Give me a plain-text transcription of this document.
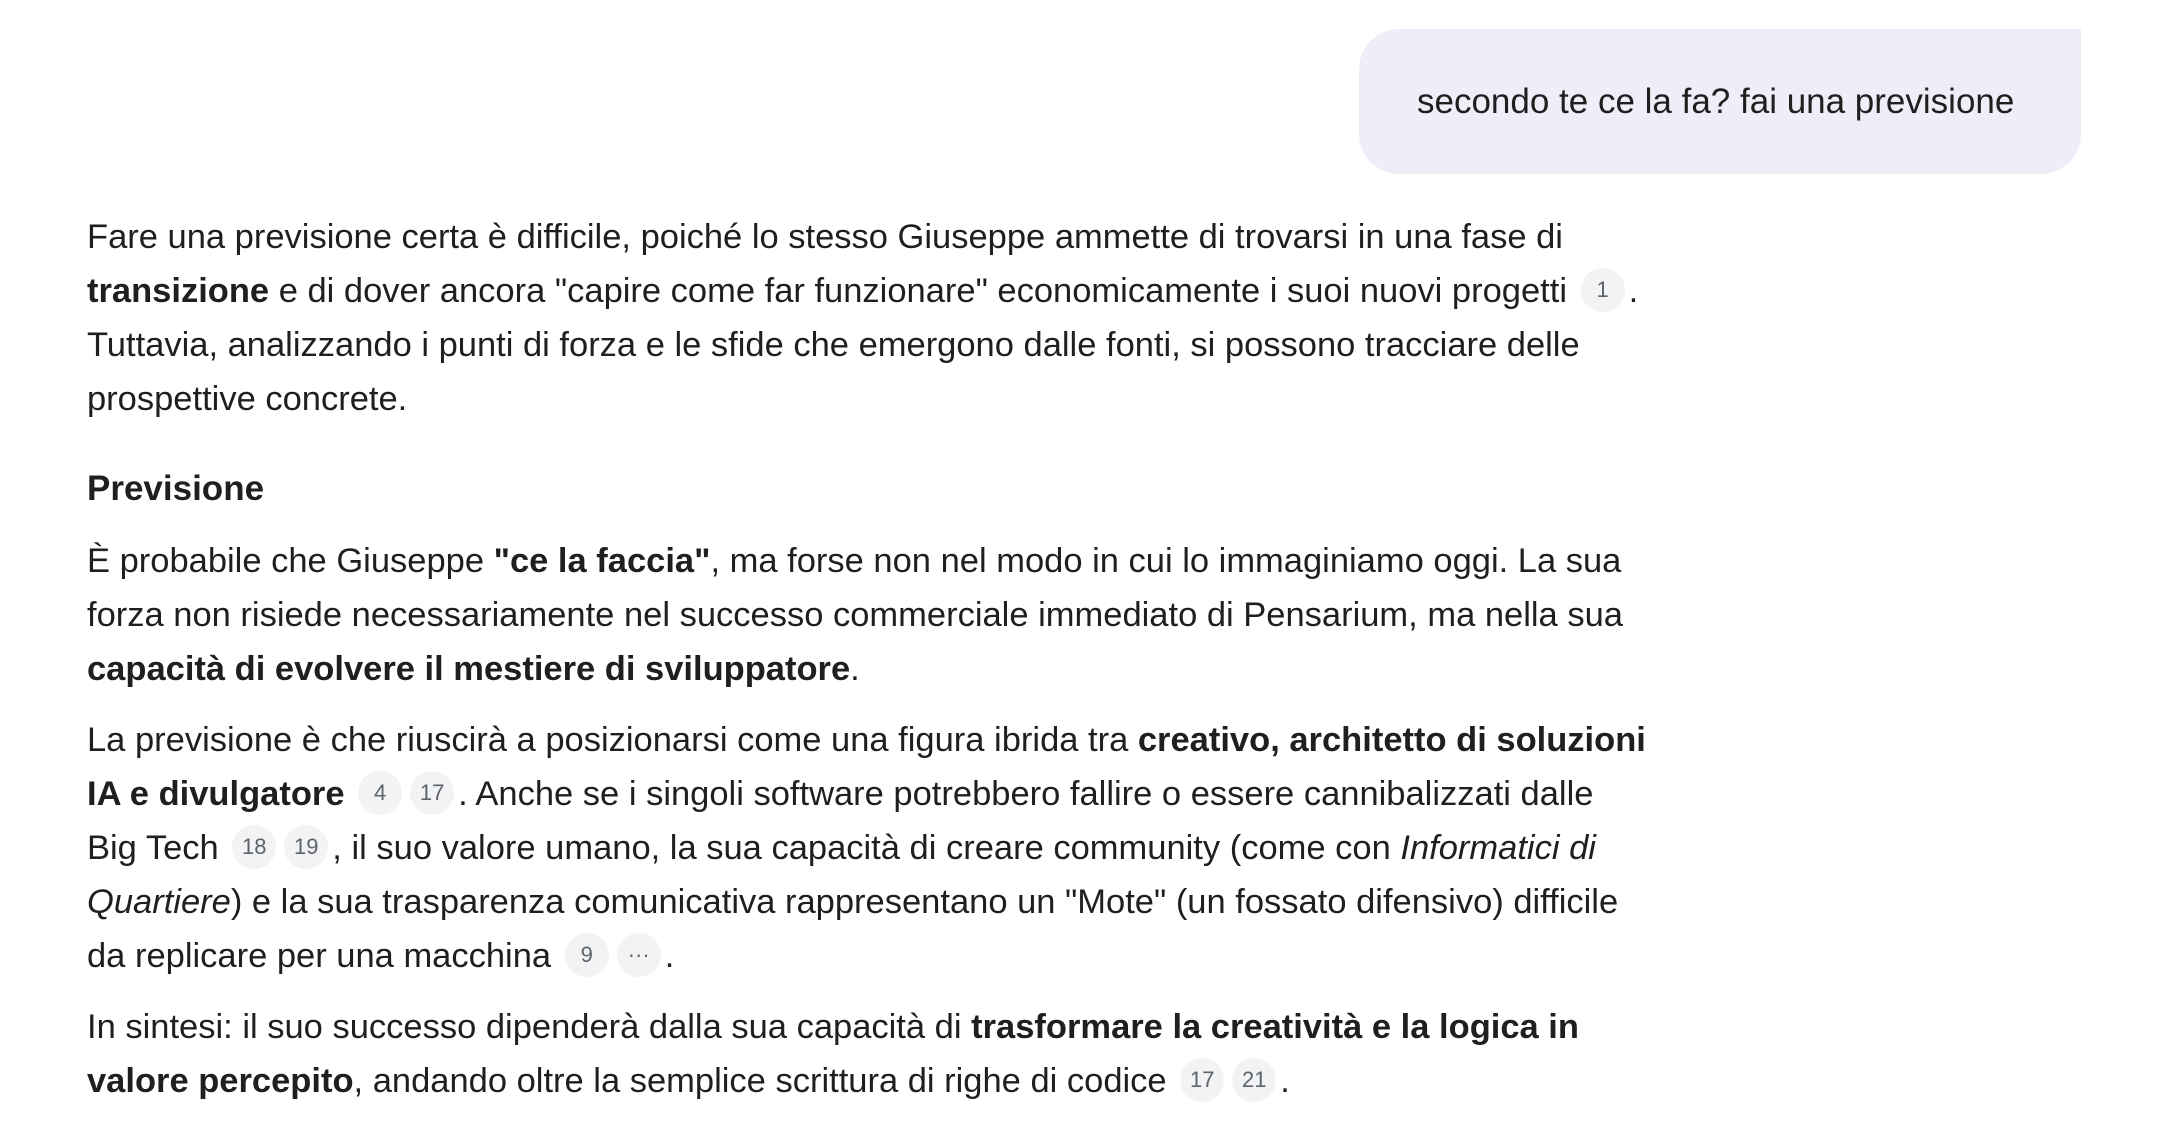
secondo te ce la fa? fai una previsione

Fare una previsione certa è difficile, poiché lo stesso Giuseppe ammette di trovarsi in una fase di transizione e di dover ancora "capire come far funzionare" economicamente i suoi nuovi progetti 1 . Tuttavia, analizzando i punti di forza e le sfide che emergono dalle fonti, si possono tracciare delle prospettive concrete.

Previsione

È probabile che Giuseppe "ce la faccia", ma forse non nel modo in cui lo immaginiamo oggi. La sua forza non risiede necessariamente nel successo commerciale immediato di Pensarium, ma nella sua capacità di evolvere il mestiere di sviluppatore.

La previsione è che riuscirà a posizionarsi come una figura ibrida tra creativo, architetto di soluzioni IA e divulgatore 4 17 . Anche se i singoli software potrebbero fallire o essere cannibalizzati dalle Big Tech 18 19 , il suo valore umano, la sua capacità di creare community (come con Informatici di Quartiere) e la sua trasparenza comunicativa rappresentano un "Mote" (un fossato difensivo) difficile da replicare per una macchina 9 ··· .

In sintesi: il suo successo dipenderà dalla sua capacità di trasformare la creatività e la logica in valore percepito, andando oltre la semplice scrittura di righe di codice 17 21 .
